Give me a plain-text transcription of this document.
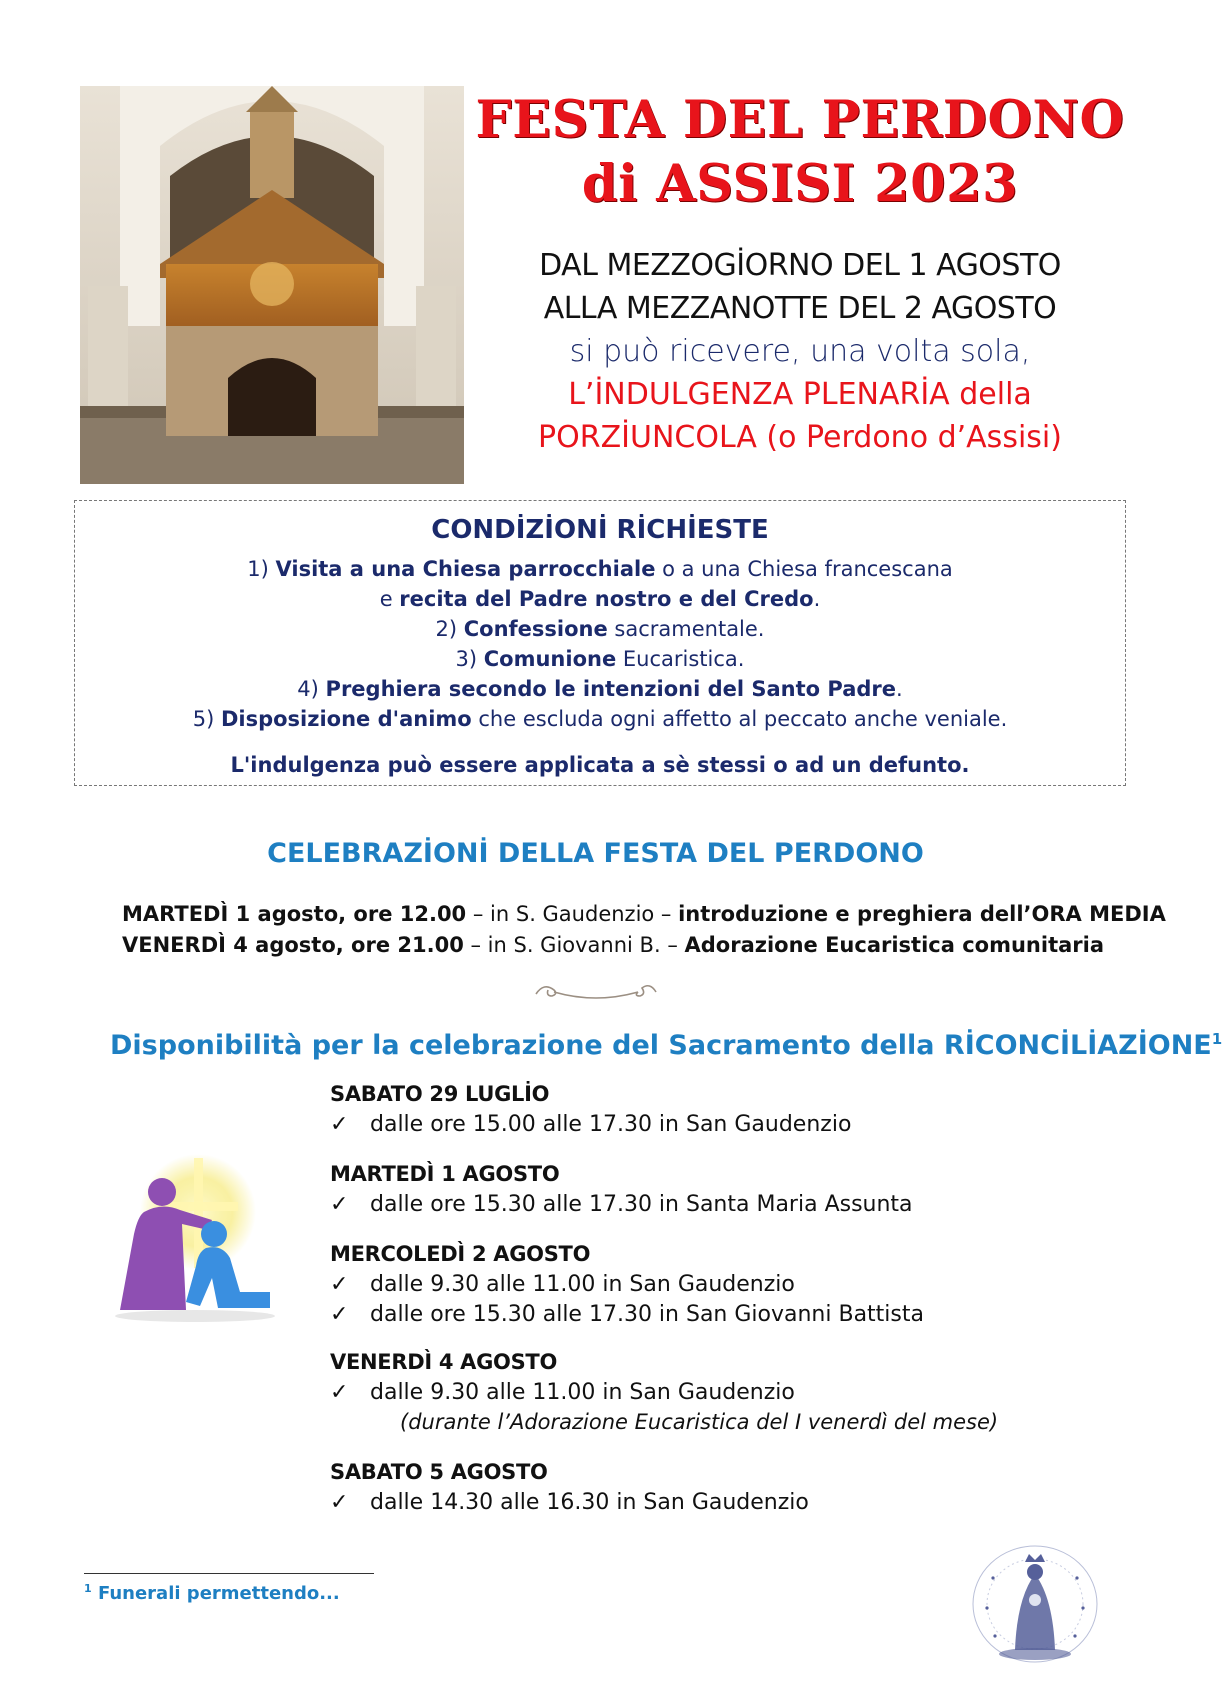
FESTA DEL PERDONO
di ASSISI 2023
DAL MEZZOGİORNO DEL 1 AGOSTO
ALLA MEZZANOTTE DEL 2 AGOSTO
si può ricevere, una volta sola,
L’İNDULGENZA PLENARİA della
PORZİUNCOLA (o Perdono d’Assisi)
CONDİZİONİ RİCHİESTE
1) Visita a una Chiesa parrocchiale o a una Chiesa francescana
e recita del Padre nostro e del Credo.
2) Confessione sacramentale.
3) Comunione Eucaristica.
4) Preghiera secondo le intenzioni del Santo Padre.
5) Disposizione d'animo che escluda ogni affetto al peccato anche veniale.
L'indulgenza può essere applicata a sè stessi o ad un defunto.
CELEBRAZİONİ DELLA FESTA DEL PERDONO
MARTEDÌ 1 agosto, ore 12.00 – in S. Gaudenzio – introduzione e preghiera dell’ORA MEDIA
VENERDÌ 4 agosto, ore 21.00 – in S. Giovanni B. – Adorazione Eucaristica comunitaria
Disponibilità per la celebrazione del Sacramento della RİCONCİLİAZİONE$^1$
SABATO 29 LUGLİO
✓ dalle ore 15.00 alle 17.30 in San Gaudenzio
MARTEDÌ 1 AGOSTO
✓ dalle ore 15.30 alle 17.30 in Santa Maria Assunta
MERCOLEDÌ 2 AGOSTO
✓ dalle 9.30 alle 11.00 in San Gaudenzio
✓ dalle ore 15.30 alle 17.30 in San Giovanni Battista
VENERDÌ 4 AGOSTO
✓ dalle 9.30 alle 11.00 in San Gaudenzio
(durante l’Adorazione Eucaristica del I venerdì del mese)
SABATO 5 AGOSTO
✓ dalle 14.30 alle 16.30 in San Gaudenzio
$^1$ Funerali permettendo...
